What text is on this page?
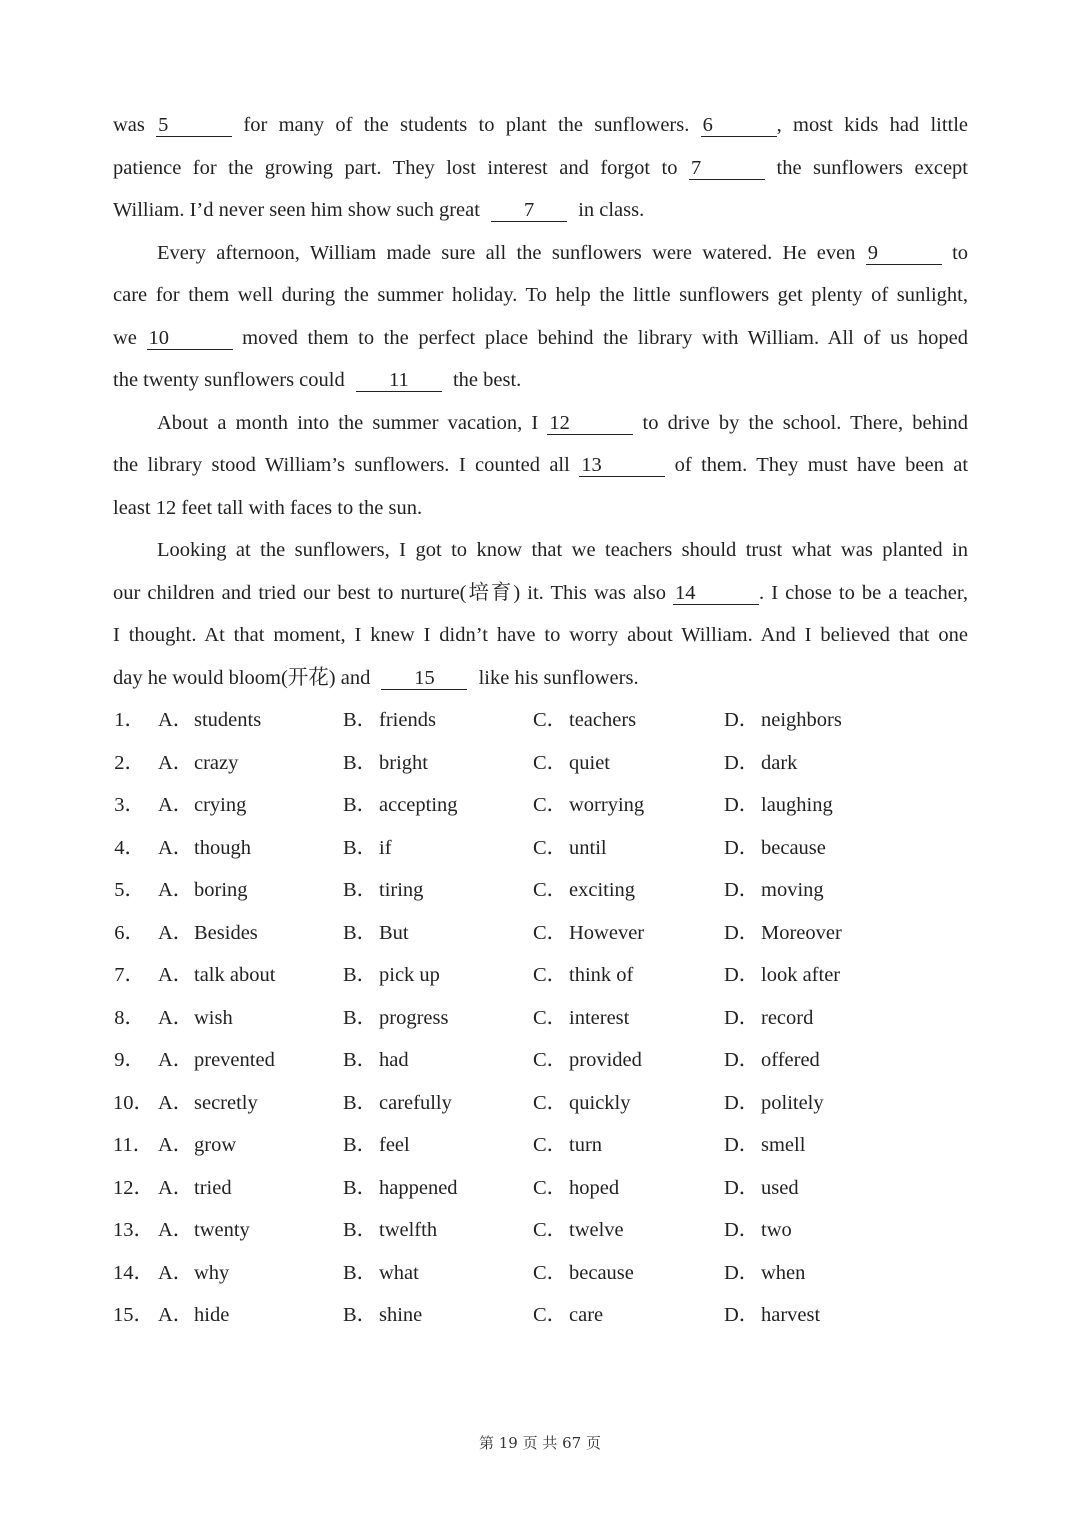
was 5	for many of the students to plant the sunflowers. 6	, most kids had little
patience for the growing part. They lost interest and forgot to 7	the sunflowers except
William. I’d never seen him show such great 7 in class.
Every afternoon, William made sure all the sunflowers were watered. He even 9	to
care for them well during the summer holiday. To help the little sunflowers get plenty of sunlight,
we 10	moved them to the perfect place behind the library with William. All of us hoped
the twenty sunflowers could 11 the best.
About a month into the summer vacation, I 12	to drive by the school. There, behind
the library stood William’s sunflowers. I counted all 13	of them. They must have been at
least 12 feet tall with faces to the sun.
Looking at the sunflowers, I got to know that we teachers should trust what was planted in
our children and tried our best to nurture(培育) it. This was also 14	. I chose to be a teacher,
I thought. At that moment, I knew I didn’t have to worry about William. And I believed that one
day he would bloom(开花) and 15 like his sunflowers.
1． A． students	B． friends	C． teachers	D． neighbors
2． A． crazy	B． bright	C． quiet	D． dark
3． A． crying	B． accepting	C． worrying	D． laughing
4． A． though	B． if	C． until	D． because
5． A． boring	B． tiring	C． exciting	D． moving
6． A． Besides	B． But	C． However	D． Moreover
7． A． talk about	B． pick up	C． think of	D． look after
8． A． wish	B． progress	C． interest	D． record
9． A． prevented	B． had	C． provided	D． offered
10． A． secretly	B． carefully	C． quickly	D． politely
11． A． grow	B． feel	C． turn	D． smell
12． A． tried	B． happened	C． hoped	D． used
13． A． twenty	B． twelfth	C． twelve	D． two
14． A． why	B． what	C． because	D． when
15． A． hide	B． shine	C． care	D． harvest
第 19 页 共 67 页
